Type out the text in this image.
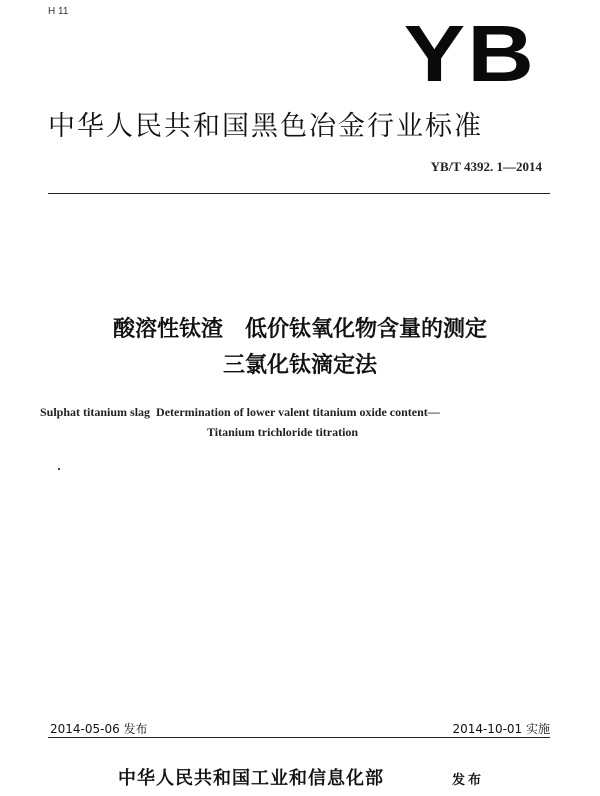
H 11	YB
中华人民共和国黑色冶金行业标准
YB/T 4392. 1—2014
酸溶性钛渣　低价钛氧化物含量的测定
三氯化钛滴定法
Sulphat titanium slag  Determination of lower valent titanium oxide content—
Titanium trichloride titration
2014-05-06 发布	2014-10-01 实施
中华人民共和国工业和信息化部	发布
